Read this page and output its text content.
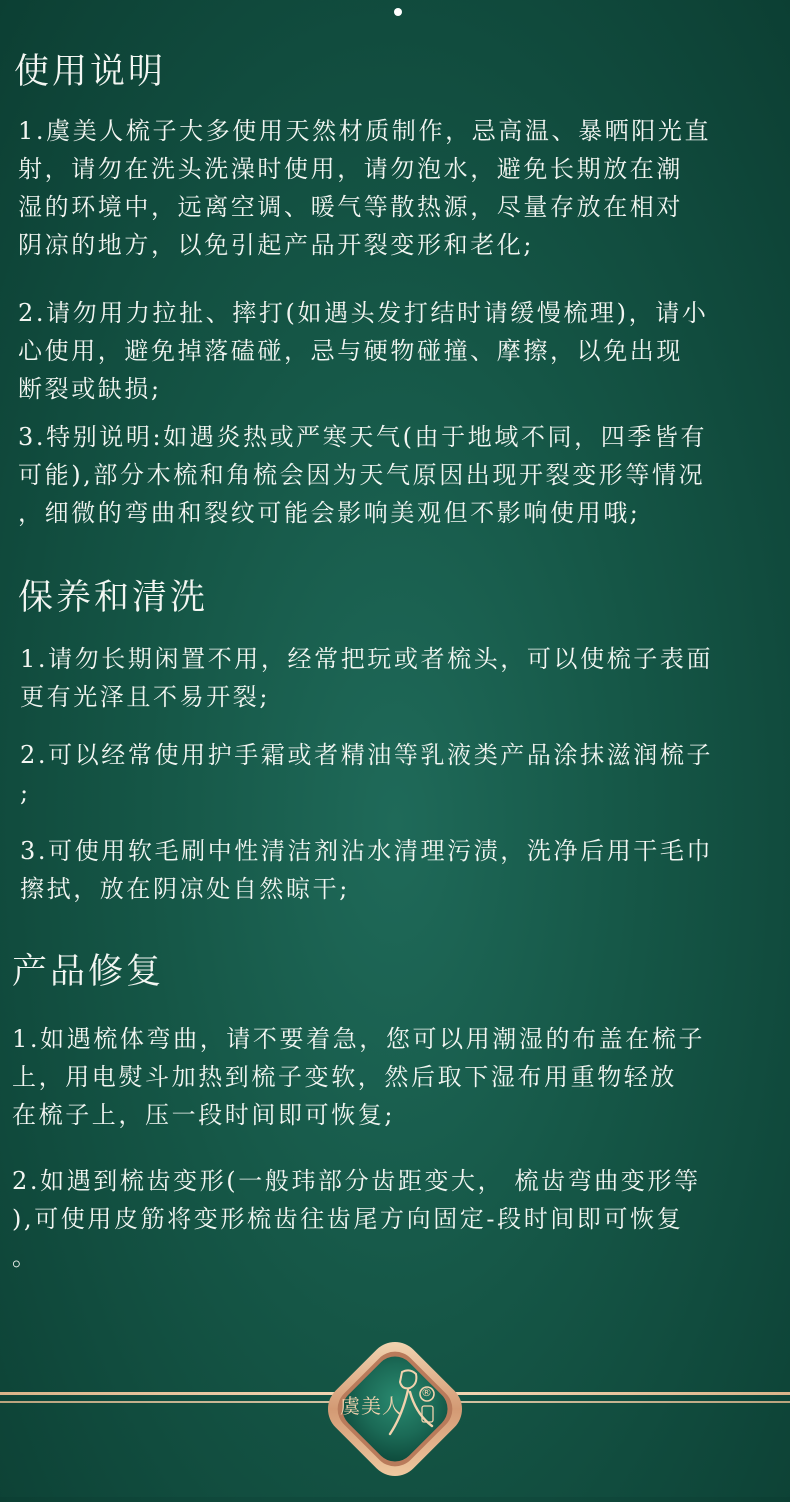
使用说明

1.虞美人梳子大多使用天然材质制作，忌高温、暴晒阳光直
射，请勿在洗头洗澡时使用，请勿泡水，避免长期放在潮
湿的环境中，远离空调、暖气等散热源，尽量存放在相对
阴凉的地方，以免引起产品开裂变形和老化;

2.请勿用力拉扯、摔打(如遇头发打结时请缓慢梳理)，请小
心使用，避免掉落磕碰，忌与硬物碰撞、摩擦，以免出现
断裂或缺损;

3.特别说明:如遇炎热或严寒天气(由于地域不同，四季皆有
可能),部分木梳和角梳会因为天气原因出现开裂变形等情况
，细微的弯曲和裂纹可能会影响美观但不影响使用哦;

保养和清洗

1.请勿长期闲置不用，经常把玩或者梳头，可以使梳子表面
更有光泽且不易开裂;

2.可以经常使用护手霜或者精油等乳液类产品涂抹滋润梳子
;

3.可使用软毛刷中性清洁剂沾水清理污渍，洗净后用干毛巾
擦拭，放在阴凉处自然晾干;

产品修复

1.如遇梳体弯曲，请不要着急，您可以用潮湿的布盖在梳子
上，用电熨斗加热到梳子变软，然后取下湿布用重物轻放
在梳子上，压一段时间即可恢复;

2.如遇到梳齿变形(一般玮部分齿距变大， 梳齿弯曲变形等
),可使用皮筋将变形梳齿往齿尾方向固定-段时间即可恢复
。

虞美人
®
